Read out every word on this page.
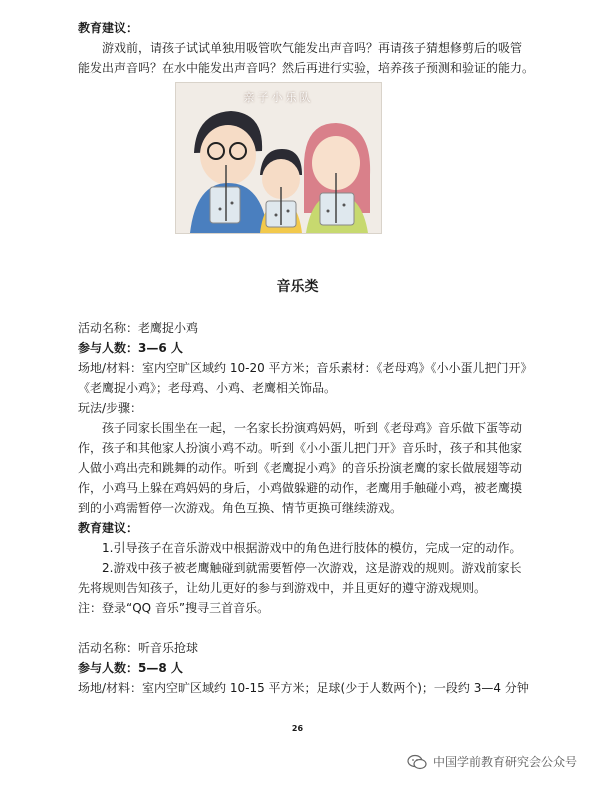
教育建议：
游戏前，请孩子试试单独用吸管吹气能发出声音吗？再请孩子猜想修剪后的吸管
能发出声音吗？在水中能发出声音吗？然后再进行实验，培养孩子预测和验证的能力。
亲子小乐队
音乐类
活动名称：老鹰捉小鸡
参与人数：3—6 人
场地/材料：室内空旷区域约 10-20 平方米；音乐素材：《老母鸡》《小小蛋儿把门开》
《老鹰捉小鸡》；老母鸡、小鸡、老鹰相关饰品。
玩法/步骤：
孩子同家长围坐在一起，一名家长扮演鸡妈妈，听到《老母鸡》音乐做下蛋等动
作，孩子和其他家人扮演小鸡不动。听到《小小蛋儿把门开》音乐时，孩子和其他家
人做小鸡出壳和跳舞的动作。听到《老鹰捉小鸡》的音乐扮演老鹰的家长做展翅等动
作，小鸡马上躲在鸡妈妈的身后，小鸡做躲避的动作，老鹰用手触碰小鸡，被老鹰摸
到的小鸡需暂停一次游戏。角色互换、情节更换可继续游戏。
教育建议：
1.引导孩子在音乐游戏中根据游戏中的角色进行肢体的模仿，完成一定的动作。
2.游戏中孩子被老鹰触碰到就需要暂停一次游戏，这是游戏的规则。游戏前家长
先将规则告知孩子，让幼儿更好的参与到游戏中，并且更好的遵守游戏规则。
注：登录“QQ 音乐”搜寻三首音乐。
活动名称：听音乐抢球
参与人数：5—8 人
场地/材料：室内空旷区域约 10-15 平方米；足球(少于人数两个)；一段约 3—4 分钟
26
中国学前教育研究会公众号
